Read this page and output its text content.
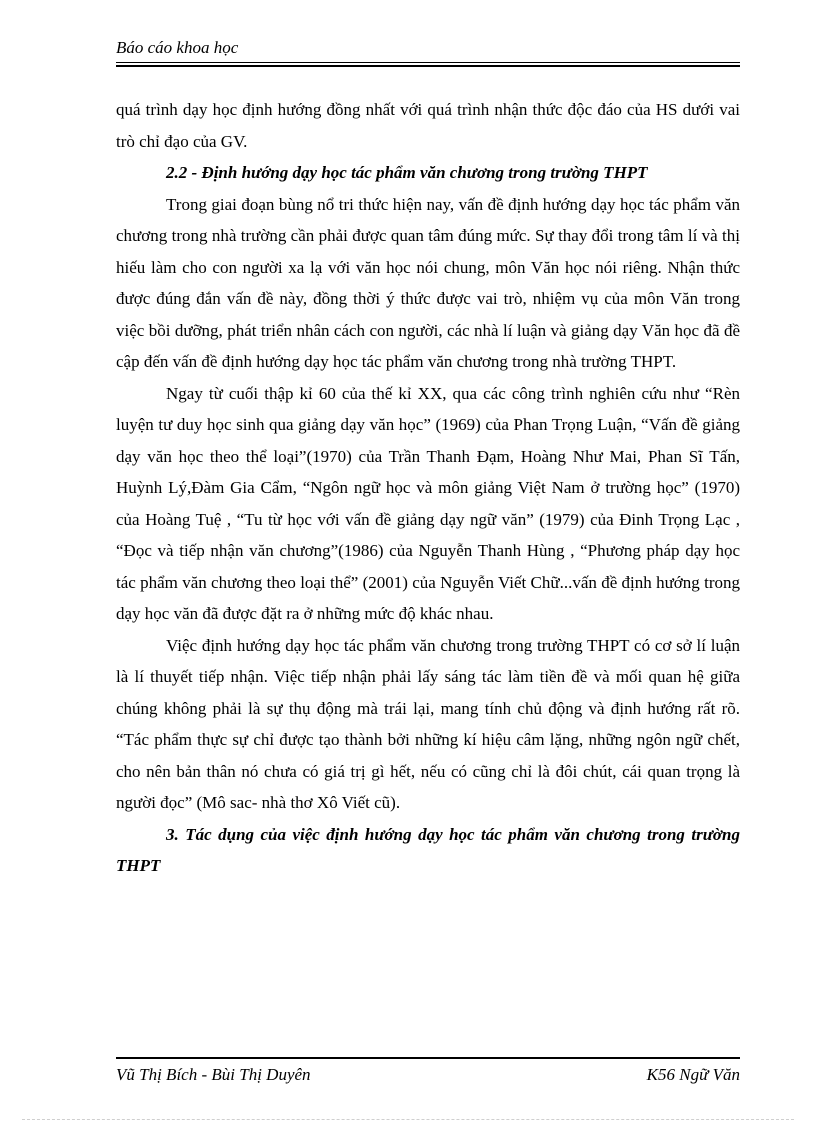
Báo cáo khoa học

quá trình dạy học định hướng đồng nhất với quá trình nhận thức độc đáo của HS dưới vai trò chỉ đạo của GV.

2.2 - Định hướng dạy học tác phẩm văn chương trong trường THPT

Trong giai đoạn bùng nổ tri thức hiện nay, vấn đề định hướng dạy học tác phẩm văn chương trong nhà trường cần phải được quan tâm đúng mức. Sự thay đổi trong tâm lí và thị hiếu làm cho con người xa lạ với văn học nói chung, môn Văn học nói riêng. Nhận thức được đúng đắn vấn đề này, đồng thời ý thức được vai trò, nhiệm vụ của môn Văn trong việc bồi dưỡng, phát triển nhân cách con người, các nhà lí luận và giảng dạy Văn học đã đề cập đến vấn đề định hướng dạy học tác phẩm văn chương trong nhà trường THPT.

Ngay từ cuối thập kỉ 60 của thế kỉ XX, qua các công trình nghiên cứu như “Rèn luyện tư duy học sinh qua giảng dạy văn học” (1969) của Phan Trọng Luận, “Vấn đề giảng dạy văn học theo thể loại”(1970) của Trần Thanh Đạm, Hoàng Như Mai, Phan Sĩ Tấn, Huỳnh Lý,Đàm Gia Cẩm, “Ngôn ngữ học và môn giảng Việt Nam ở trường học” (1970) của Hoàng Tuệ , “Tu từ học với vấn đề giảng dạy ngữ văn” (1979) của Đinh Trọng Lạc , “Đọc và tiếp nhận văn chương”(1986) của Nguyễn Thanh Hùng , “Phương pháp dạy học tác phẩm văn chương theo loại thể” (2001) của Nguyễn Viết Chữ...vấn đề định hướng trong dạy học văn đã được đặt ra ở những mức độ khác nhau.

Việc định hướng dạy học tác phẩm văn chương trong trường THPT có cơ sở lí luận là lí thuyết tiếp nhận. Việc tiếp nhận phải lấy sáng tác làm tiền đề và mối quan hệ giữa chúng không phải là sự thụ động mà trái lại, mang tính chủ động và định hướng rất rõ. “Tác phẩm thực sự chỉ được tạo thành bởi những kí hiệu câm lặng, những ngôn ngữ chết, cho nên bản thân nó chưa có giá trị gì hết, nếu có cũng chỉ là đôi chút, cái quan trọng là người đọc” (Mô sac- nhà thơ Xô Viết cũ).

3. Tác dụng của việc định hướng dạy học tác phẩm văn chương trong trường THPT

Vũ Thị Bích - Bùi Thị Duyên	K56 Ngữ Văn
